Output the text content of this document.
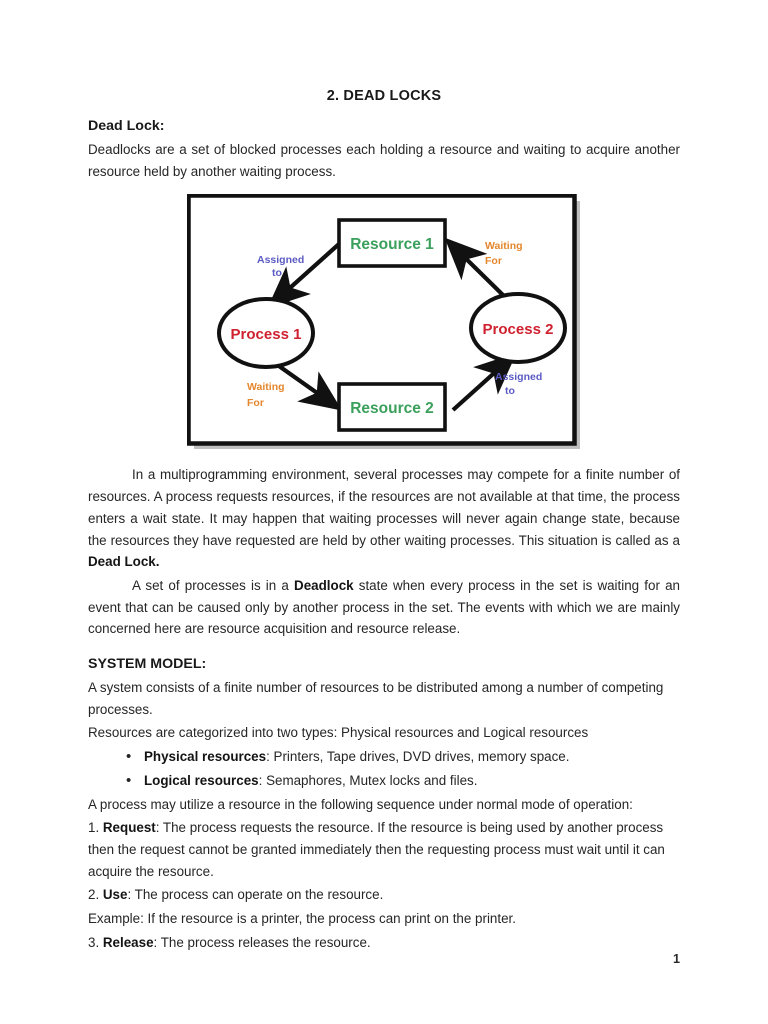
2. DEAD LOCKS
Dead Lock:

Deadlocks are a set of blocked processes each holding a resource and waiting to acquire another resource held by another waiting process.

Resource 1
Resource 2
Process 1	Process 2
Assigned
to
Waiting
For
Waiting
For
Assigned
to

In a multiprogramming environment, several processes may compete for a finite number of resources. A process requests resources, if the resources are not available at that time, the process enters a wait state. It may happen that waiting processes will never again change state, because the resources they have requested are held by other waiting processes. This situation is called as a Dead Lock.

A set of processes is in a Deadlock state when every process in the set is waiting for an event that can be caused only by another process in the set. The events with which we are mainly concerned here are resource acquisition and resource release.

SYSTEM MODEL:

A system consists of a finite number of resources to be distributed among a number of competing processes.

Resources are categorized into two types: Physical resources and Logical resources

• Physical resources: Printers, Tape drives, DVD drives, memory space.
• Logical resources: Semaphores, Mutex locks and files.

A process may utilize a resource in the following sequence under normal mode of operation:

1. Request: The process requests the resource. If the resource is being used by another process then the request cannot be granted immediately then the requesting process must wait until it can acquire the resource.

2. Use: The process can operate on the resource.

Example: If the resource is a printer, the process can print on the printer.

3. Release: The process releases the resource.

1
